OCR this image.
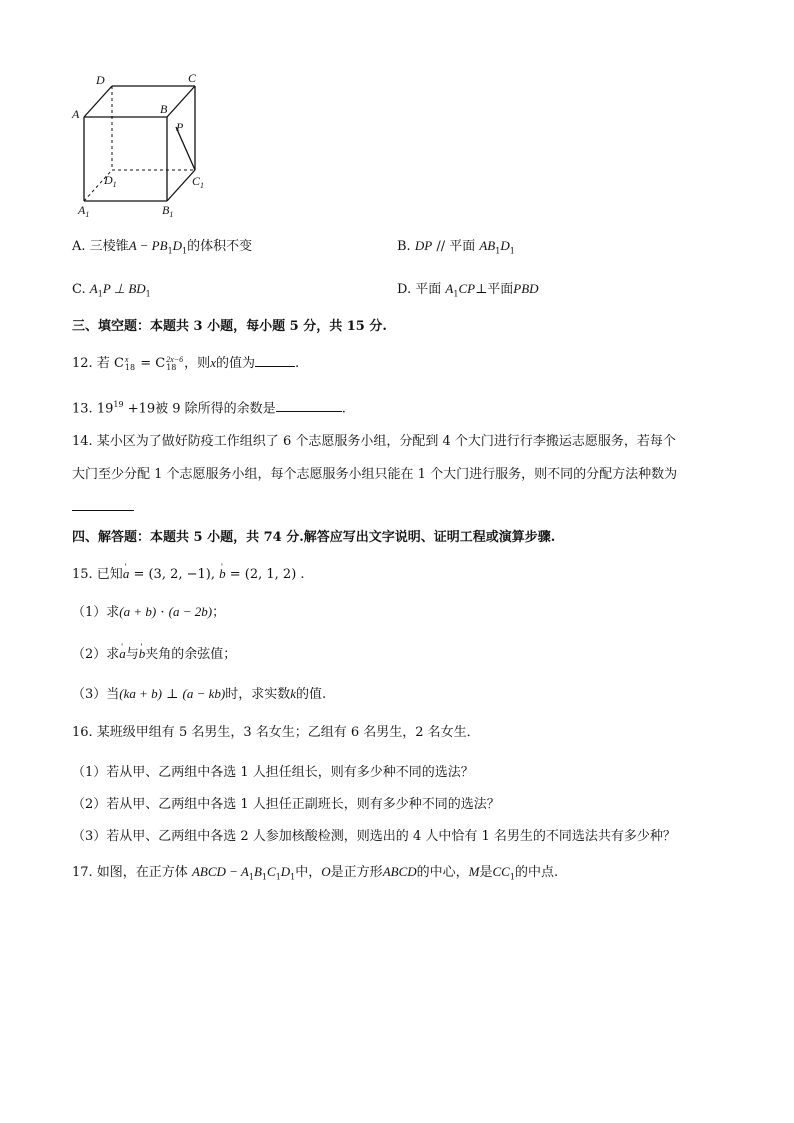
A
D	C
B
P
$D_1$	$C_1$
$A_1$	$B_1$
A. 三棱锥$A - PB_1D_1$的体积不变	B. DP // 平面 $AB_1D_1$
C. $A_1P$ ⊥ $BD_1$	D. 平面 $A_1CP\perp$平面PBD
三、填空题：本题共 3 小题，每小题 5 分，共 15 分.
12. 若 C x
18 = C 2x−6
18 ，则x的值为	.
13. $19^{19} +19$被 9 除所得的余数是	.
14. 某小区为了做好防疫工作组织了 6 个志愿服务小组，分配到 4 个大门进行行李搬运志愿服务，若每个
大门至少分配 1 个志愿服务小组，每个志愿服务小组只能在 1 个大门进行服务，则不同的分配方法种数为
四、解答题：本题共 5 小题，共 74 分.解答应写出文字说明、证明工程或演算步骤.
15. 已知' a = (3, 2, −1), ' b = (2, 1, 2) .
（1）求(a + b) · (a − 2b)；
（2）求' a与' b夹角的余弦值；
（3）当(ka + b) ⊥ (a − kb)时，求实数k的值.
16. 某班级甲组有 5 名男生，3 名女生；乙组有 6 名男生，2 名女生．
（1）若从甲、乙两组中各选 1 人担任组长，则有多少种不同的选法？
（2）若从甲、乙两组中各选 1 人担任正副班长，则有多少种不同的选法？
（3）若从甲、乙两组中各选 2 人参加核酸检测，则选出的 4 人中恰有 1 名男生的不同选法共有多少种？
17. 如图，在正方体 ABCD − $A_1B_1C_1D_1$中，O是正方形ABCD的中心，M是$CC_1$的中点.
